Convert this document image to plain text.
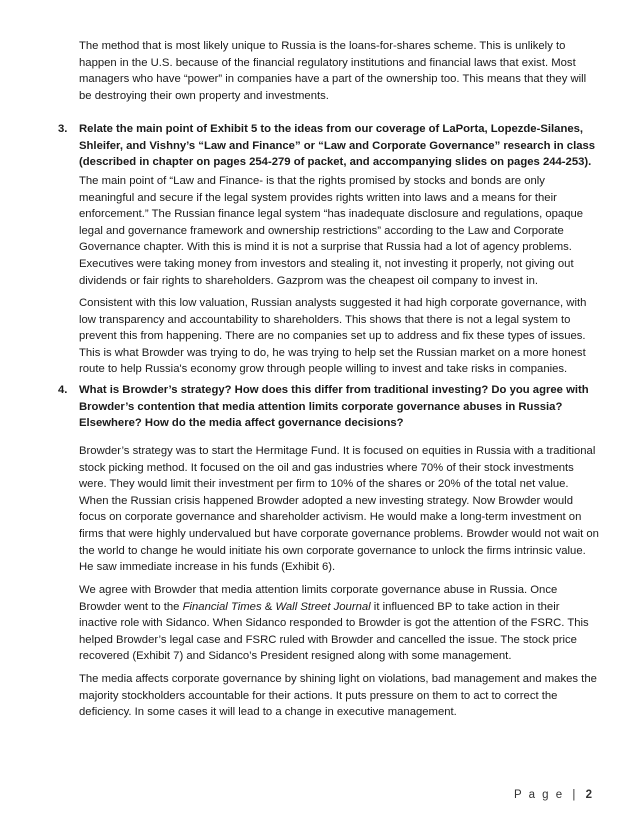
The method that is most likely unique to Russia is the loans-for-shares scheme. This is unlikely to happen in the U.S. because of the financial regulatory institutions and financial laws that exist. Most managers who have “power” in companies have a part of the ownership too. This means that they will be destroying their own property and investments.

3.	Relate the main point of Exhibit 5 to the ideas from our coverage of LaPorta, Lopezde-Silanes, Shleifer, and Vishny’s “Law and Finance” or “Law and Corporate Governance” research in class (described in chapter on pages 254-279 of packet, and accompanying slides on pages 244-253).

The main point of “Law and Finance- is that the rights promised by stocks and bonds are only meaningful and secure if the legal system provides rights written into laws and a means for their enforcement.” The Russian finance legal system “has inadequate disclosure and regulations, opaque legal and governance framework and ownership restrictions” according to the Law and Corporate Governance chapter. With this is mind it is not a surprise that Russia had a lot of agency problems. Executives were taking money from investors and stealing it, not investing it properly, not giving out dividends or fair rights to shareholders. Gazprom was the cheapest oil company to invest in.

Consistent with this low valuation, Russian analysts suggested it had high corporate governance, with low transparency and accountability to shareholders. This shows that there is not a legal system to prevent this from happening. There are no companies set up to address and fix these types of issues. This is what Browder was trying to do, he was trying to help set the Russian market on a more honest route to help Russia's economy grow through people willing to invest and take risks in companies.

4.	What is Browder’s strategy? How does this differ from traditional investing? Do you agree with Browder’s contention that media attention limits corporate governance abuses in Russia? Elsewhere? How do the media affect governance decisions?

Browder’s strategy was to start the Hermitage Fund. It is focused on equities in Russia with a traditional stock picking method. It focused on the oil and gas industries where 70% of their stock investments were. They would limit their investment per firm to 10% of the shares or 20% of the total net value. When the Russian crisis happened Browder adopted a new investing strategy. Now Browder would focus on corporate governance and shareholder activism. He would make a long-term investment on firms that were highly undervalued but have corporate governance problems. Browder would not wait on the world to change he would initiate his own corporate governance to unlock the firms intrinsic value. He saw immediate increase in his funds (Exhibit 6).

We agree with Browder that media attention limits corporate governance abuse in Russia. Once Browder went to the Financial Times & Wall Street Journal it influenced BP to take action in their inactive role with Sidanco. When Sidanco responded to Browder is got the attention of the FSRC. This helped Browder’s legal case and FSRC ruled with Browder and cancelled the issue. The stock price recovered (Exhibit 7) and Sidanco’s President resigned along with some management.

The media affects corporate governance by shining light on violations, bad management and makes the majority stockholders accountable for their actions. It puts pressure on them to act to correct the deficiency. In some cases it will lead to a change in executive management.

P a g e | 2
